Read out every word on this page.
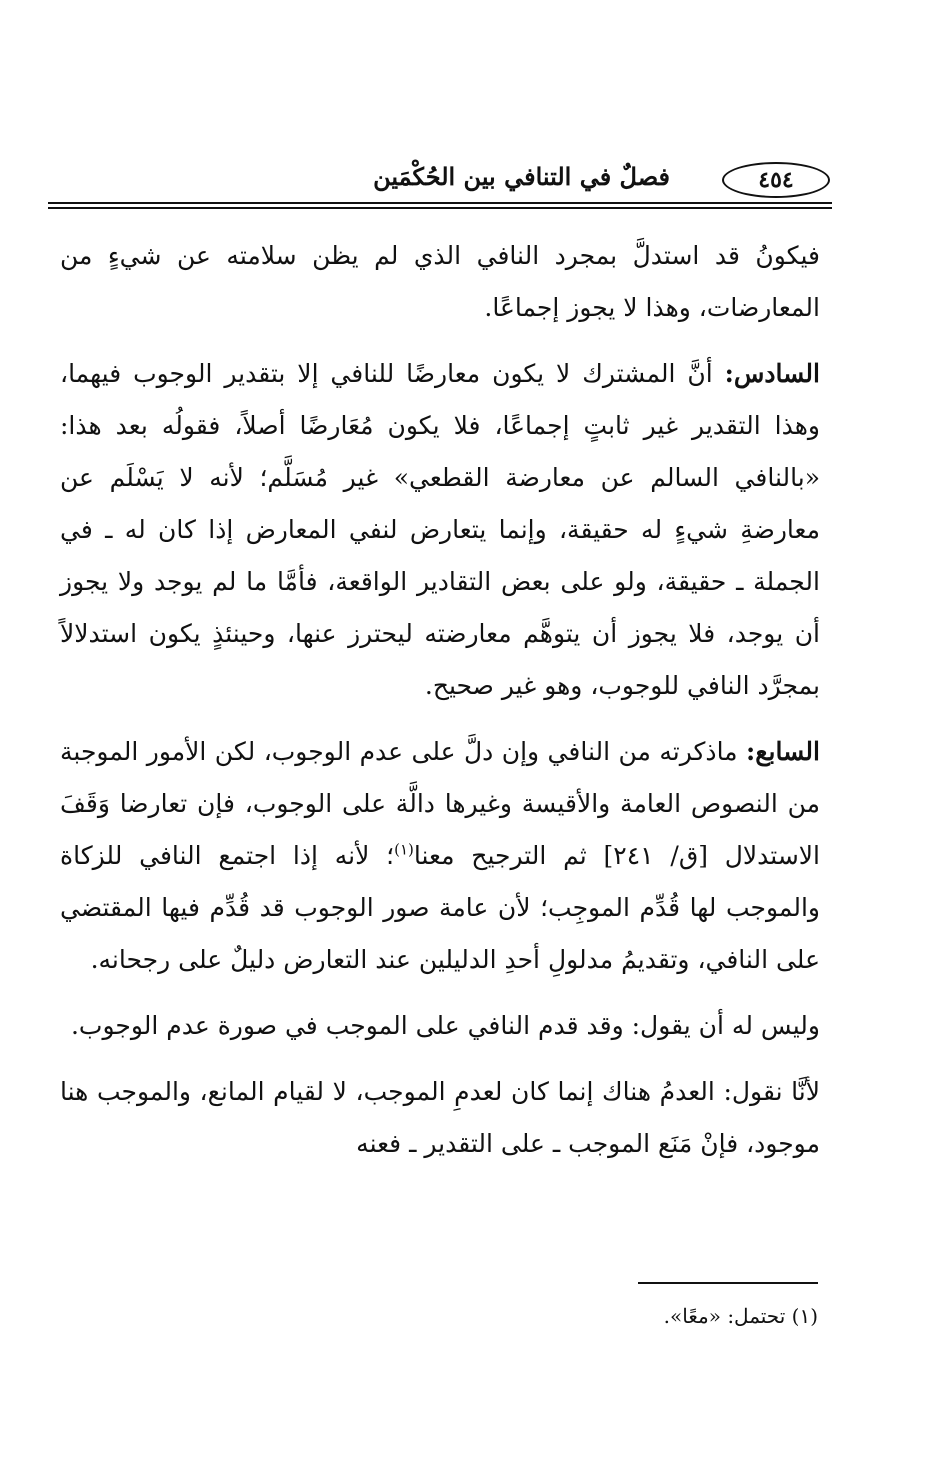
٤٥٤
فصلٌ في التنافي بين الحُكْمَين

فيكونُ قد استدلَّ بمجرد النافي الذي لم يظن سلامته عن شيءٍ من المعارضات، وهذا لا يجوز إجماعًا.

السادس: أنَّ المشترك لا يكون معارضًا للنافي إلا بتقدير الوجوب فيهما، وهذا التقدير غير ثابتٍ إجماعًا، فلا يكون مُعَارضًا أصلاً، فقولُه بعد هذا: «بالنافي السالم عن معارضة القطعي» غير مُسَلَّم؛ لأنه لا يَسْلَم عن معارضةِ شيءٍ له حقيقة، وإنما يتعارض لنفي المعارض إذا كان له ـ في الجملة ـ حقيقة، ولو على بعض التقادير الواقعة، فأمَّا ما لم يوجد ولا يجوز أن يوجد، فلا يجوز أن يتوهَّم معارضته ليحترز عنها، وحينئذٍ يكون استدلالاً بمجرَّد النافي للوجوب، وهو غير صحيح.

السابع: ماذكرته من النافي وإن دلَّ على عدم الوجوب، لكن الأمور الموجبة من النصوص العامة والأقيسة وغيرها دالَّة على الوجوب، فإن تعارضا وَقَفَ الاستدلال [ق/ ٢٤١] ثم الترجيح معنا$^{(١)}$؛ لأنه إذا اجتمع النافي للزكاة والموجب لها قُدِّم الموجِب؛ لأن عامة صور الوجوب قد قُدِّم فيها المقتضي على النافي، وتقديمُ مدلولِ أحدِ الدليلين عند التعارض دليلٌ على رجحانه.

وليس له أن يقول: وقد قدم النافي على الموجب في صورة عدم الوجوب.

لأنَّا نقول: العدمُ هناك إنما كان لعدمِ الموجب، لا لقيام المانع، والموجب هنا موجود، فإنْ مَنَع الموجب ـ على التقدير ـ فعنه

(١) تحتمل: «معًا».
